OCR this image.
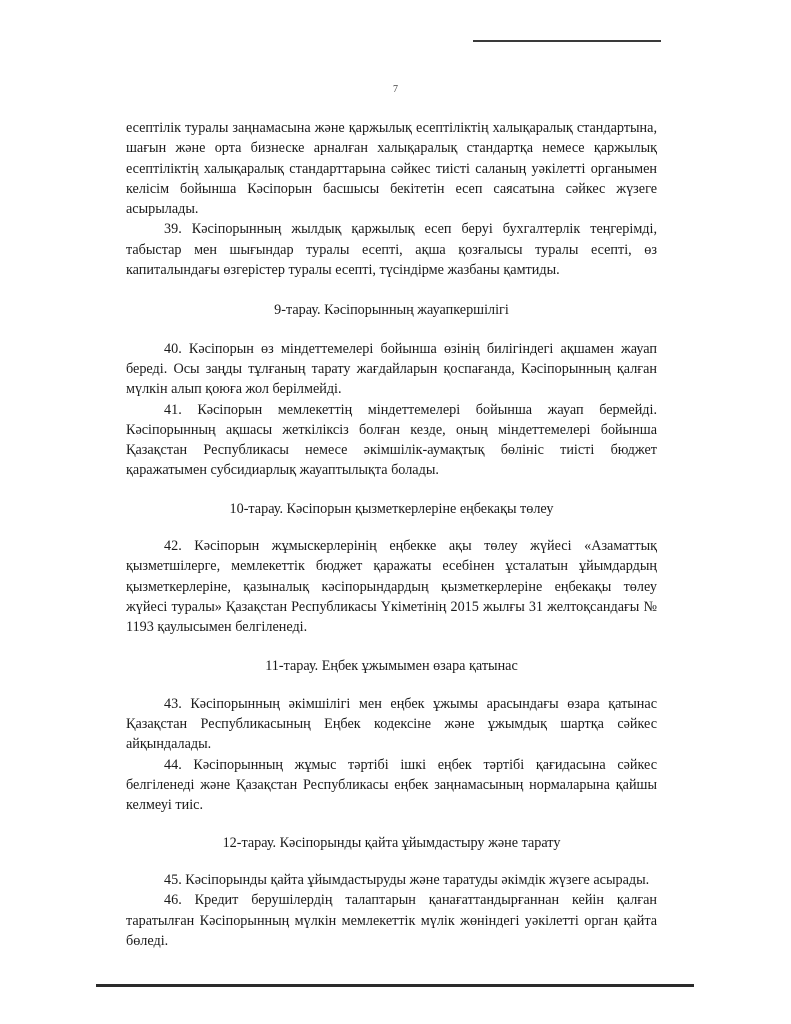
7

есептілік туралы заңнамасына және қаржылық есептіліктің халықаралық стандартына, шағын және орта бизнеске арналған халықаралық стандартқа немесе қаржылық есептіліктің халықаралық стандарттарына сәйкес тиісті саланың уәкілетті органымен келісім бойынша Кәсіпорын басшысы бекітетін есеп саясатына сәйкес жүзеге асырылады.

39. Кәсіпорынның жылдық қаржылық есеп беруі бухгалтерлік теңгерімді, табыстар мен шығындар туралы есепті, ақша қозғалысы туралы есепті, өз капиталындағы өзгерістер туралы есепті, түсіндірме жазбаны қамтиды.

9-тарау. Кәсіпорынның жауапкершілігі

40. Кәсіпорын өз міндеттемелері бойынша өзінің билігіндегі ақшамен жауап береді. Осы заңды тұлғаның тарату жағдайларын қоспағанда, Кәсіпорынның қалған мүлкін алып қоюға жол берілмейді.

41. Кәсіпорын мемлекеттің міндеттемелері бойынша жауап бермейді. Кәсіпорынның ақшасы жеткіліксіз болған кезде, оның міндеттемелері бойынша Қазақстан Республикасы немесе әкімшілік-аумақтық бөлініс тиісті бюджет қаражатымен субсидиарлық жауаптылықта болады.

10-тарау. Кәсіпорын қызметкерлеріне еңбекақы төлеу

42. Кәсіпорын жұмыскерлерінің еңбекке ақы төлеу жүйесі «Азаматтық қызметшілерге, мемлекеттік бюджет қаражаты есебінен ұсталатын ұйымдардың қызметкерлеріне, қазыналық кәсіпорындардың қызметкерлеріне еңбекақы төлеу жүйесі туралы» Қазақстан Республикасы Үкіметінің 2015 жылғы 31 желтоқсандағы № 1193 қаулысымен белгіленеді.

11-тарау. Еңбек ұжымымен өзара қатынас

43. Кәсіпорынның әкімшілігі мен еңбек ұжымы арасындағы өзара қатынас Қазақстан Республикасының Еңбек кодексіне және ұжымдық шартқа сәйкес айқындалады.

44. Кәсіпорынның жұмыс тәртібі ішкі еңбек тәртібі қағидасына сәйкес белгіленеді және Қазақстан Республикасы еңбек заңнамасының нормаларына қайшы келмеуі тиіс.

12-тарау. Кәсіпорынды қайта ұйымдастыру және тарату

45. Кәсіпорынды қайта ұйымдастыруды және таратуды әкімдік жүзеге асырады.

46. Кредит берушілердің талаптарын қанағаттандырғаннан кейін қалған таратылған Кәсіпорынның мүлкін мемлекеттік мүлік жөніндегі уәкілетті орган қайта бөледі.
